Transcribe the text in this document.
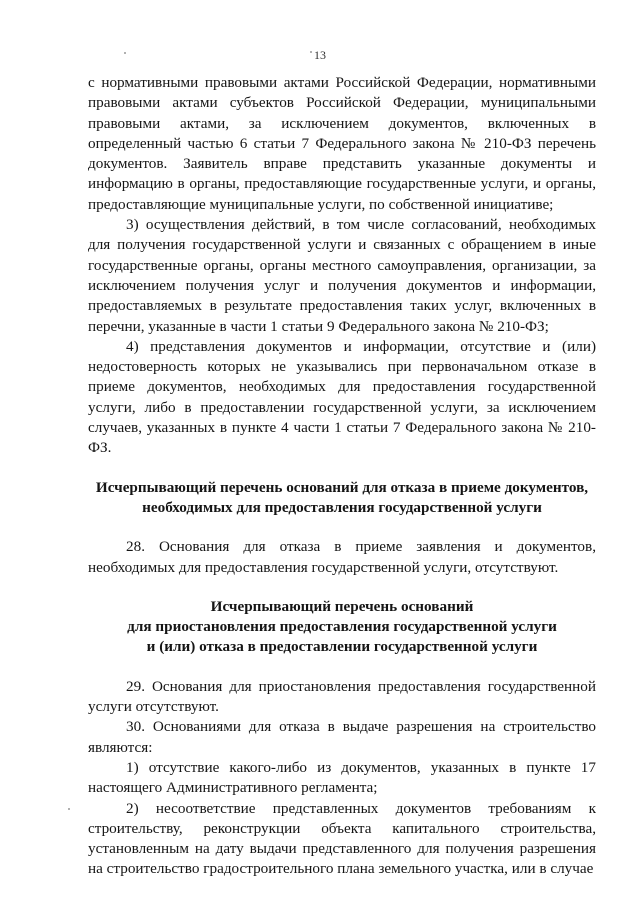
13

с нормативными правовыми актами Российской Федерации, нормативными правовыми актами субъектов Российской Федерации, муниципальными правовыми актами, за исключением документов, включенных в определенный частью 6 статьи 7 Федерального закона № 210-ФЗ перечень документов. Заявитель вправе представить указанные документы и информацию в органы, предоставляющие государственные услуги, и органы, предоставляющие муниципальные услуги, по собственной инициативе;

3) осуществления действий, в том числе согласований, необходимых для получения государственной услуги и связанных с обращением в иные государственные органы, органы местного самоуправления, организации, за исключением получения услуг и получения документов и информации, предоставляемых в результате предоставления таких услуг, включенных в перечни, указанные в части 1 статьи 9 Федерального закона № 210-ФЗ;

4) представления документов и информации, отсутствие и (или) недостоверность которых не указывались при первоначальном отказе в приеме документов, необходимых для предоставления государственной услуги, либо в предоставлении государственной услуги, за исключением случаев, указанных в пункте 4 части 1 статьи 7 Федерального закона № 210-ФЗ.

Исчерпывающий перечень оснований для отказа в приеме документов,
необходимых для предоставления государственной услуги

28. Основания для отказа в приеме заявления и документов, необходимых для предоставления государственной услуги, отсутствуют.

Исчерпывающий перечень оснований
для приостановления предоставления государственной услуги
и (или) отказа в предоставлении государственной услуги

29. Основания для приостановления предоставления государственной услуги отсутствуют.

30. Основаниями для отказа в выдаче разрешения на строительство являются:

1) отсутствие какого-либо из документов, указанных в пункте 17 настоящего Административного регламента;

2) несоответствие представленных документов требованиям к строительству, реконструкции объекта капитального строительства, установленным на дату выдачи представленного для получения разрешения на строительство градостроительного плана земельного участка, или в случае
